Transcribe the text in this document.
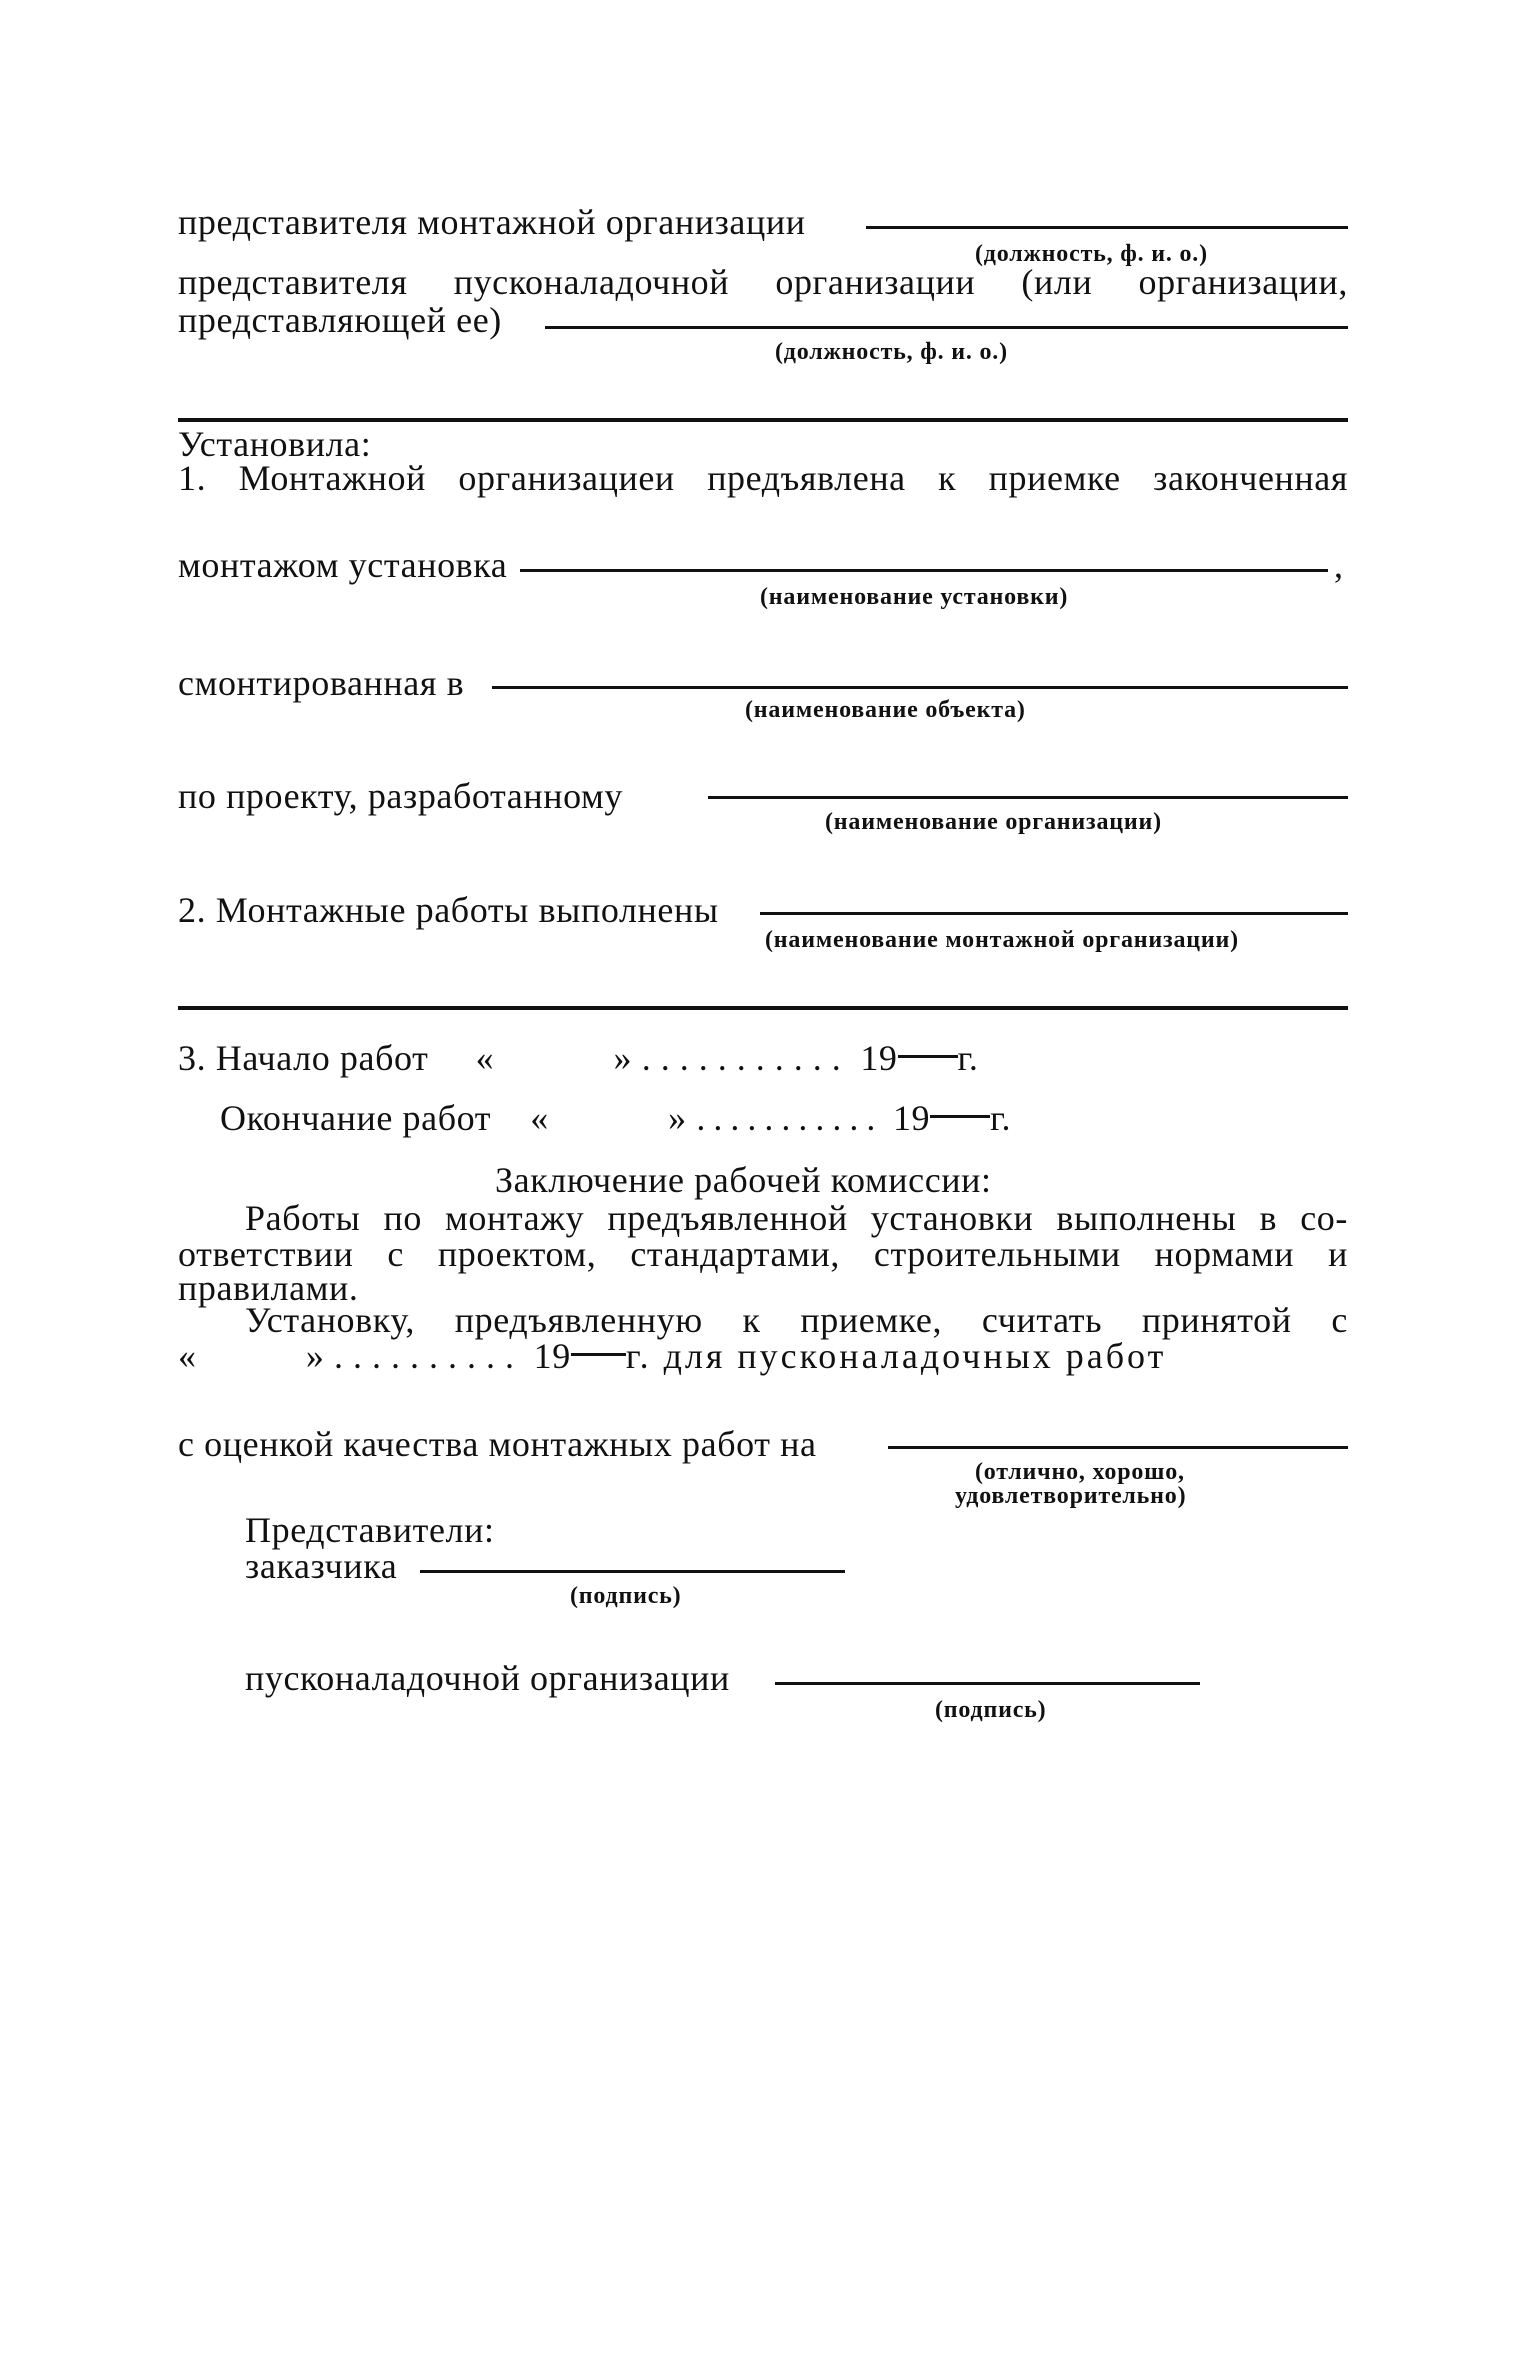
представителя монтажной организации
(должность, ф. и. о.)
представителя пусконаладочной организации (или организации,
представляющей ее)
(должность, ф. и. о.)
Установила:
1. Монтажной организациеи предъявлена к приемке законченная
монтажом установка	,
(наименование установки)
смонтированная в
(наименование объекта)
по проекту, разработанному
(наименование организации)
2. Монтажные работы выполнены
(наименование монтажной организации)
3. Начало работ «	» ........... 19 г.
Окончание работ «	» ........... 19 г.
Заключение рабочей комиссии:
Работы по монтажу предъявленной установки выполнены в со-
ответствии с проектом, стандартами, строительными нормами и
правилами.
Установку, предъявленную к приемке, считать принятой с
«	» .......... 19 г. для пусконаладочных работ
с оценкой качества монтажных работ на
(отлично, хорошо,
удовлетворительно)
Представители:
заказчика
(подпись)
пусконаладочной организации
(подпись)
